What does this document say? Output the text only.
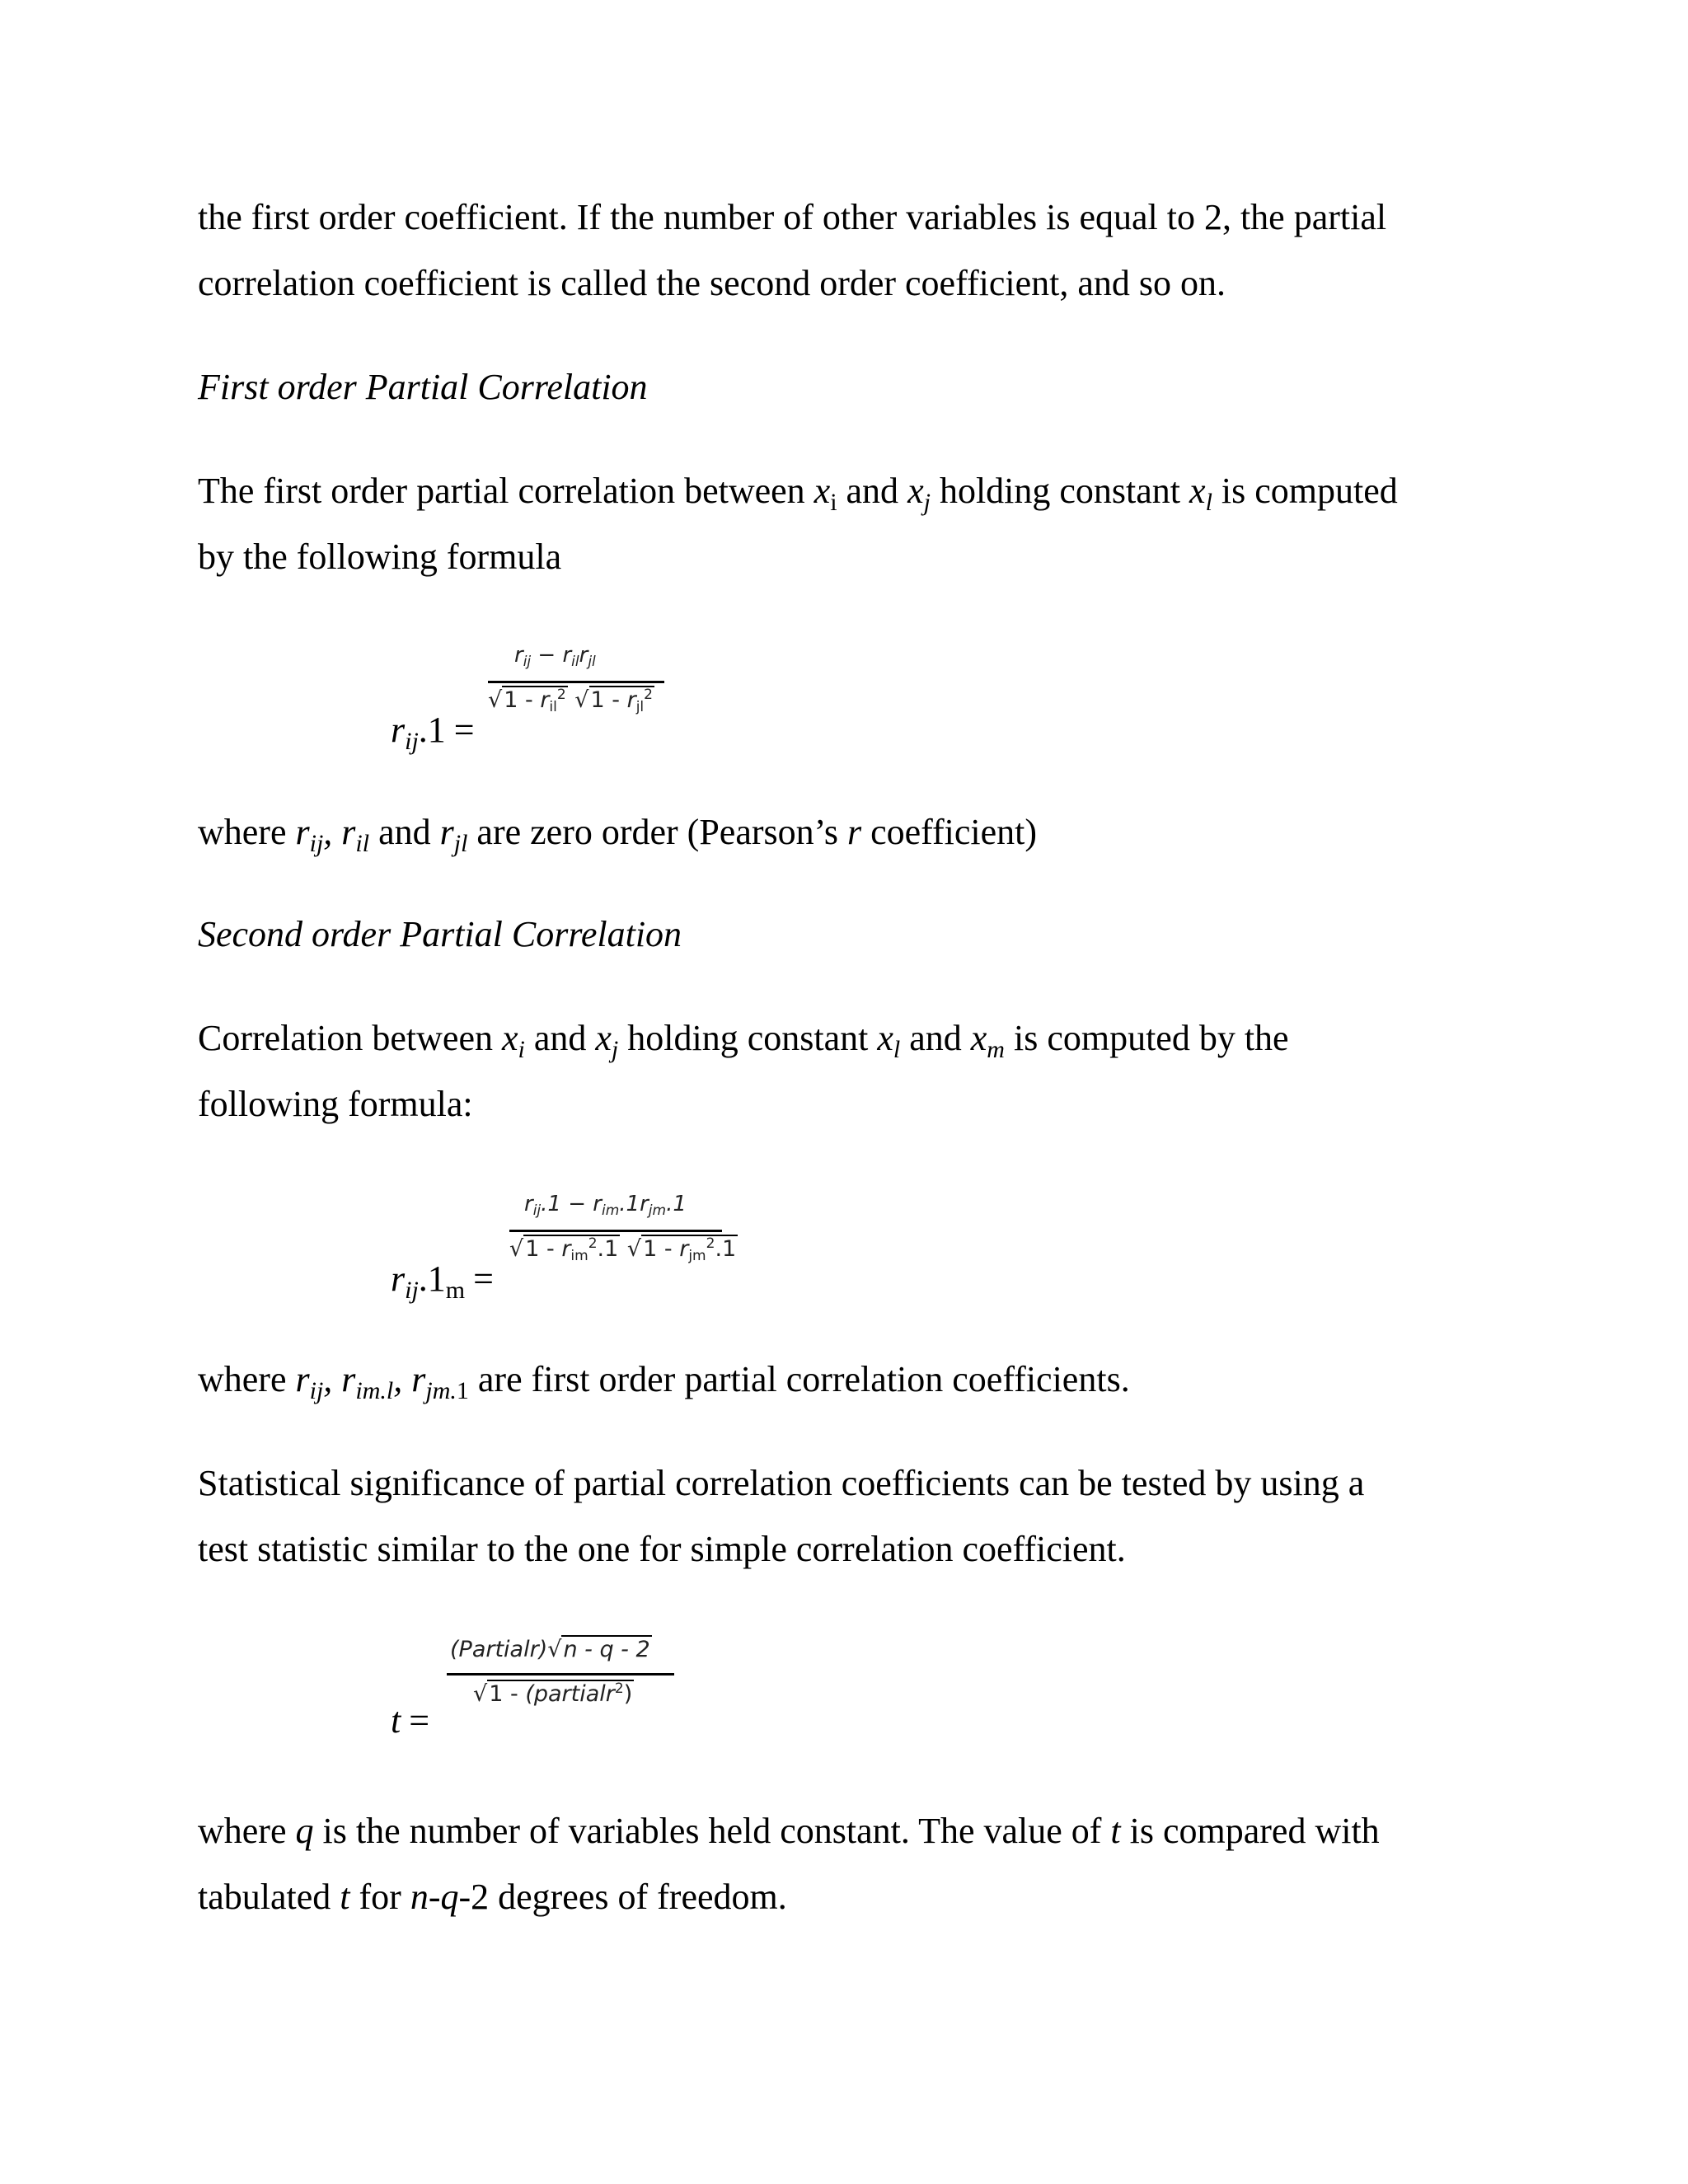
the first order coefficient. If the number of other variables is equal to 2, the partial
correlation coefficient is called the second order coefficient, and so on.
First order Partial Correlation
The first order partial correlation between $x_i$ and $x_j$ holding constant $x_l$ is computed
by the following formula
$r_{ij} - r_{il}r_{jl}$
$√1 - r_{il}^2$ $√1 - r_{jl}^2$
$r_{ij}.1$ =
where $r_{ij}$, $r_{il}$ and $r_{jl}$ are zero order (Pearson’s r coefficient)
Second order Partial Correlation
Correlation between $x_i$ and $x_j$ holding constant $x_l$ and $x_m$ is computed by the
following formula:
$r_{ij}.1 - r_{im}.1r_{jm}.1$
$√1 - r_{im}^2.1$ $√1 - r_{jm}^2.1$
$r_{ij}.1_m$ =
where $r_{ij}$, $r_{im.l}$, $r_{jm.1}$ are first order partial correlation coefficients.
Statistical significance of partial correlation coefficients can be tested by using a
test statistic similar to the one for simple correlation coefficient.
(Partialr)√n - q - 2
√1 - (partialr$^2$)
t =
where q is the number of variables held constant. The value of t is compared with
tabulated t for n-q-2 degrees of freedom.
